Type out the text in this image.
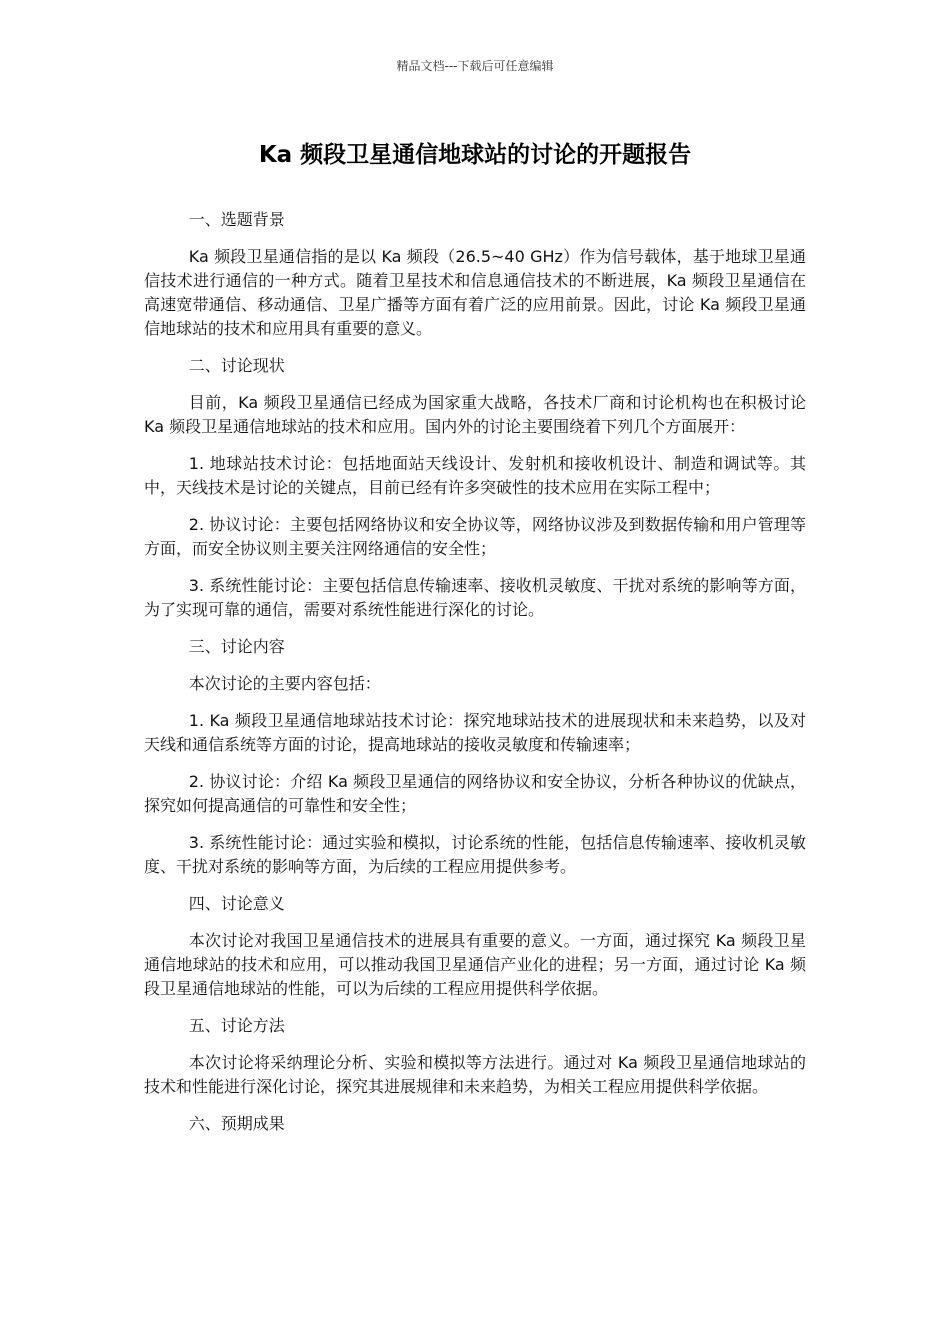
精品文档---下载后可任意编辑
Ka 频段卫星通信地球站的讨论的开题报告

一、选题背景

Ka 频段卫星通信指的是以 Ka 频段（26.5~40 GHz）作为信号载体，基于地球卫星通信技术进行通信的一种方式。随着卫星技术和信息通信技术的不断进展，Ka 频段卫星通信在高速宽带通信、移动通信、卫星广播等方面有着广泛的应用前景。因此，讨论 Ka 频段卫星通信地球站的技术和应用具有重要的意义。

二、讨论现状

目前，Ka 频段卫星通信已经成为国家重大战略，各技术厂商和讨论机构也在积极讨论 Ka 频段卫星通信地球站的技术和应用。国内外的讨论主要围绕着下列几个方面展开：

1. 地球站技术讨论：包括地面站天线设计、发射机和接收机设计、制造和调试等。其中，天线技术是讨论的关键点，目前已经有许多突破性的技术应用在实际工程中；

2. 协议讨论：主要包括网络协议和安全协议等，网络协议涉及到数据传输和用户管理等方面，而安全协议则主要关注网络通信的安全性；

3. 系统性能讨论：主要包括信息传输速率、接收机灵敏度、干扰对系统的影响等方面，为了实现可靠的通信，需要对系统性能进行深化的讨论。

三、讨论内容

本次讨论的主要内容包括：

1. Ka 频段卫星通信地球站技术讨论：探究地球站技术的进展现状和未来趋势，以及对天线和通信系统等方面的讨论，提高地球站的接收灵敏度和传输速率；

2. 协议讨论：介绍 Ka 频段卫星通信的网络协议和安全协议，分析各种协议的优缺点，探究如何提高通信的可靠性和安全性；

3. 系统性能讨论：通过实验和模拟，讨论系统的性能，包括信息传输速率、接收机灵敏度、干扰对系统的影响等方面，为后续的工程应用提供参考。

四、讨论意义

本次讨论对我国卫星通信技术的进展具有重要的意义。一方面，通过探究 Ka 频段卫星通信地球站的技术和应用，可以推动我国卫星通信产业化的进程；另一方面，通过讨论 Ka 频段卫星通信地球站的性能，可以为后续的工程应用提供科学依据。

五、讨论方法

本次讨论将采纳理论分析、实验和模拟等方法进行。通过对 Ka 频段卫星通信地球站的技术和性能进行深化讨论，探究其进展规律和未来趋势，为相关工程应用提供科学依据。

六、预期成果
